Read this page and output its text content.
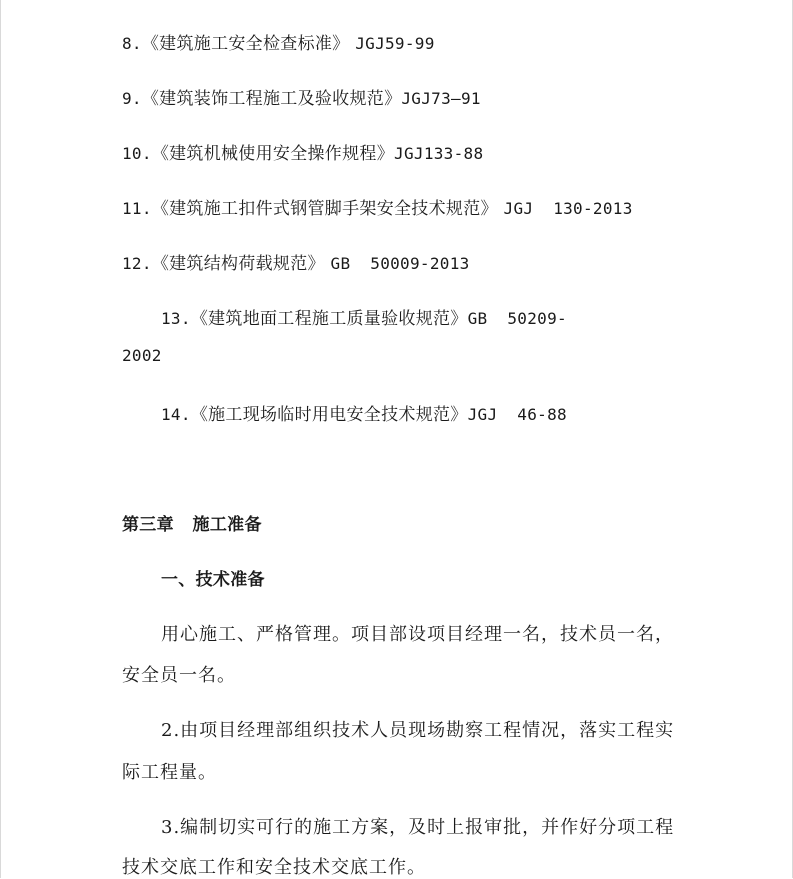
8.《建筑施工安全检查标准》 JGJ59-99
9.《建筑装饰工程施工及验收规范》JGJ73—91
10.《建筑机械使用安全操作规程》JGJ133-88
11.《建筑施工扣件式钢管脚手架安全技术规范》 JGJ  130-2013
12.《建筑结构荷载规范》 GB  50009-2013
13.《建筑地面工程施工质量验收规范》GB  50209-
2002
14.《施工现场临时用电安全技术规范》JGJ  46-88
第三章   施工准备
一、技术准备
用心施工、严格管理。项目部设项目经理一名，技术员一名，
安全员一名。
2.由项目经理部组织技术人员现场勘察工程情况，落实工程实
际工程量。
3.编制切实可行的施工方案，及时上报审批，并作好分项工程
技术交底工作和安全技术交底工作。
